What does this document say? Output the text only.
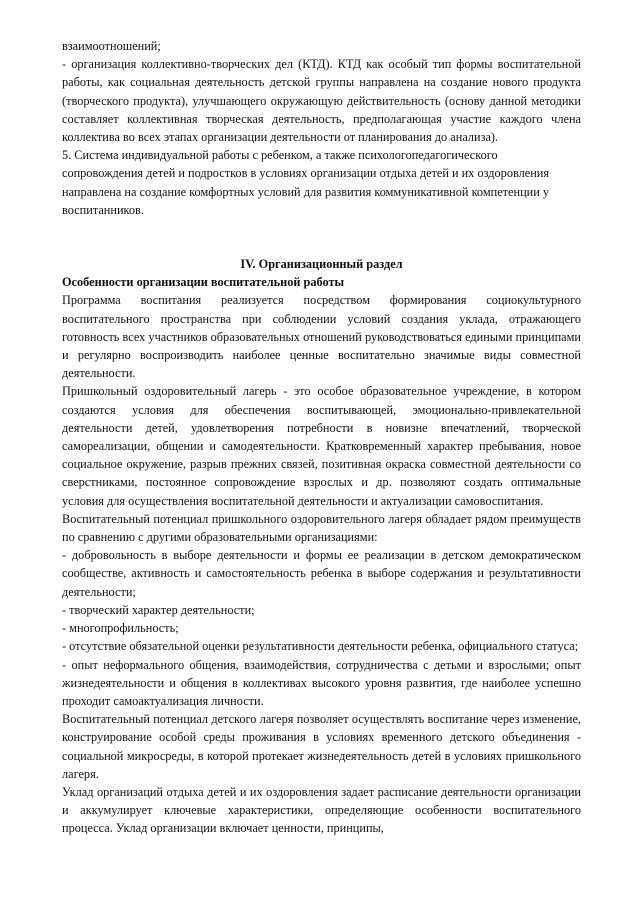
взаимоотношений;

- организация коллективно-творческих дел (КТД). КТД как особый тип формы воспитательной работы, как социальная деятельность детской группы направлена на создание нового продукта (творческого продукта), улучшающего окружающую действительность (основу данной методики составляет коллективная творческая деятельность, предполагающая участие каждого члена коллектива во всех этапах организации деятельности от планирования до анализа).

5. Система индивидуальной работы с ребенком, а также психологопедагогического сопровождения детей и подростков в условиях организации отдыха детей и их оздоровления направлена на создание комфортных условий для развития коммуникативной компетенции у воспитанников.

IV. Организационный раздел

Особенности организации воспитательной работы

Программа воспитания реализуется посредством формирования социокультурного воспитательного пространства при соблюдении условий создания уклада, отражающего готовность всех участников образовательных отношений руководствоваться едиными принципами и регулярно воспроизводить наиболее ценные воспитательно значимые виды совместной деятельности.

Пришкольный оздоровительный лагерь - это особое образовательное учреждение, в котором создаются условия для обеспечения воспитывающей, эмоционально-привлекательной деятельности детей, удовлетворения потребности в новизне впечатлений, творческой самореализации, общении и самодеятельности. Кратковременный характер пребывания, новое социальное окружение, разрыв прежних связей, позитивная окраска совместной деятельности со сверстниками, постоянное сопровождение взрослых и др. позволяют создать оптимальные условия для осуществления воспитательной деятельности и актуализации самовоспитания.

Воспитательный потенциал пришкольного оздоровительного лагеря обладает рядом преимуществ по сравнению с другими образовательными организациями:

- добровольность в выборе деятельности и формы ее реализации в детском демократическом сообществе, активность и самостоятельность ребенка в выборе содержания и результативности деятельности;

- творческий характер деятельности;

- многопрофильность;

- отсутствие обязательной оценки результативности деятельности ребенка, официального статуса;

- опыт неформального общения, взаимодействия, сотрудничества с детьми и взрослыми; опыт жизнедеятельности и общения в коллективах высокого уровня развития, где наиболее успешно проходит самоактуализация личности.

Воспитательный потенциал детского лагеря позволяет осуществлять воспитание через изменение, конструирование особой среды проживания в условиях временного детского объединения - социальной микросреды, в которой протекает жизнедеятельность детей в условиях пришкольного лагеря.

Уклад организаций отдыха детей и их оздоровления задает расписание деятельности организации и аккумулирует ключевые характеристики, определяющие особенности воспитательного процесса. Уклад организации включает ценности, принципы,
